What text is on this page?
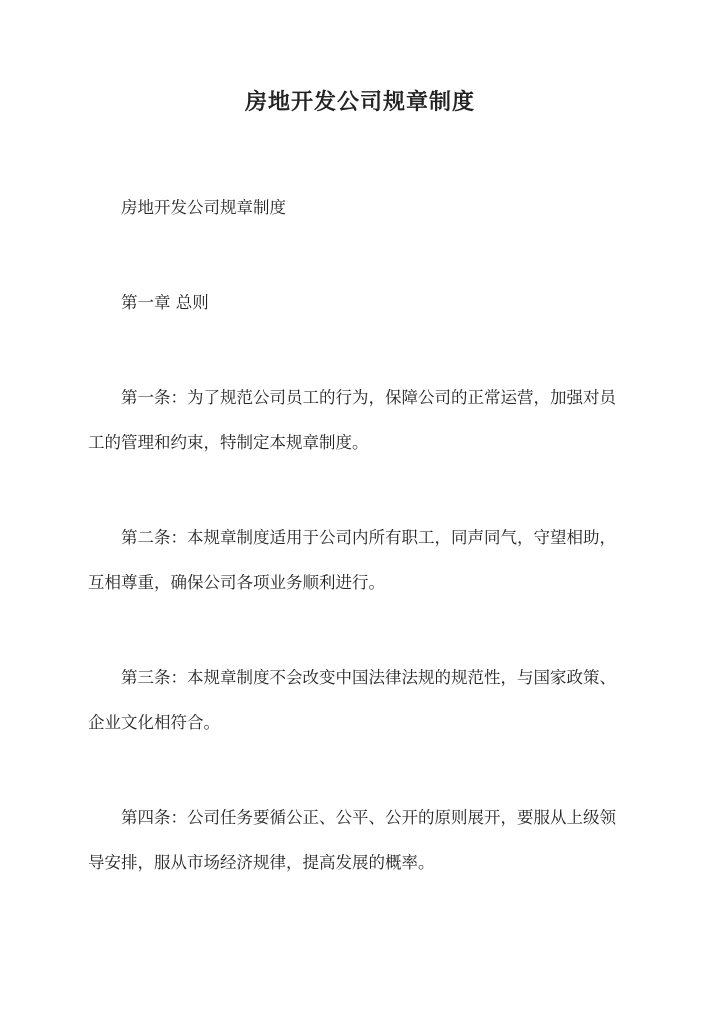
房地开发公司规章制度

房地开发公司规章制度

第一章 总则

第一条：为了规范公司员工的行为，保障公司的正常运营，加强对员

工的管理和约束，特制定本规章制度。

第二条：本规章制度适用于公司内所有职工，同声同气，守望相助，

互相尊重，确保公司各项业务顺利进行。

第三条：本规章制度不会改变中国法律法规的规范性，与国家政策、

企业文化相符合。

第四条：公司任务要循公正、公平、公开的原则展开，要服从上级领

导安排，服从市场经济规律，提高发展的概率。
